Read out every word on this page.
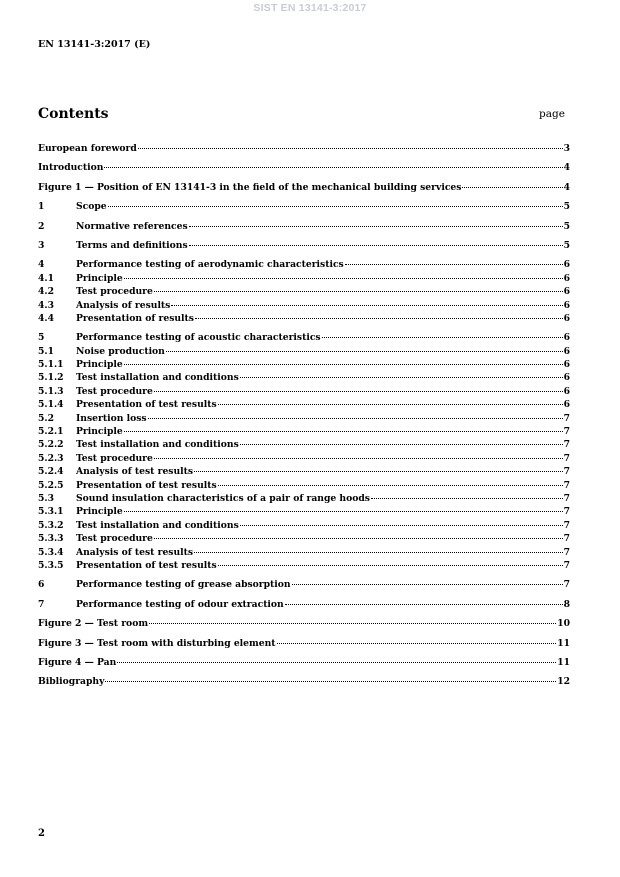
SIST EN 13141-3:2017
EN 13141-3:2017 (E)
Contents	page
European foreword	3
Introduction	4
Figure 1 — Position of EN 13141-3 in the field of the mechanical building services	4
1	Scope	5
2	Normative references	5
3	Terms and definitions	5
4	Performance testing of aerodynamic characteristics	6
4.1	Principle	6
4.2	Test procedure	6
4.3	Analysis of results	6
4.4	Presentation of results	6
5	Performance testing of acoustic characteristics	6
5.1	Noise production	6
5.1.1	Principle	6
5.1.2	Test installation and conditions	6
5.1.3	Test procedure	6
5.1.4	Presentation of test results	6
5.2	Insertion loss	7
5.2.1	Principle	7
5.2.2	Test installation and conditions	7
5.2.3	Test procedure	7
5.2.4	Analysis of test results	7
5.2.5	Presentation of test results	7
5.3	Sound insulation characteristics of a pair of range hoods	7
5.3.1	Principle	7
5.3.2	Test installation and conditions	7
5.3.3	Test procedure	7
5.3.4	Analysis of test results	7
5.3.5	Presentation of test results	7
6	Performance testing of grease absorption	7
7	Performance testing of odour extraction	8
Figure 2 — Test room	10
Figure 3 — Test room with disturbing element	11
Figure 4 — Pan	11
Bibliography	12
2
